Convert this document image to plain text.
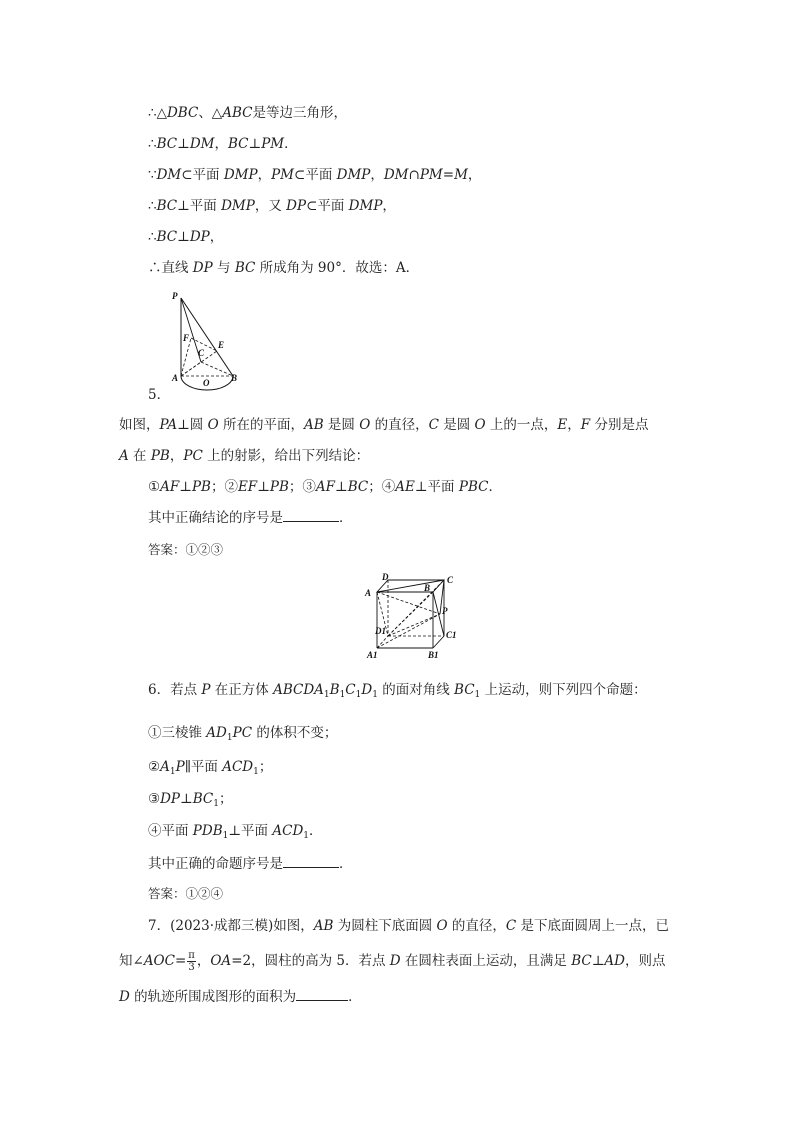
∴△DBC、△ABC是等边三角形，
∴BC⊥DM，BC⊥PM．
∵DM⊂平面 DMP，PM⊂平面 DMP，DM∩PM=M，
∴BC⊥平面 DMP，又 DP⊂平面 DMP，
∴BC⊥DP，
∴直线 DP 与 BC 所成角为 90°．故选：A．
P
F
C
E
A	O B
5．
如图，PA⊥圆 O 所在的平面，AB 是圆 O 的直径，C 是圆 O 上的一点，E，F 分别是点
A 在 PB，PC 上的射影，给出下列结论：
①AF⊥PB；②EF⊥PB；③AF⊥BC；④AE⊥平面 PBC．
其中正确结论的序号是	．
答案：①②③
D	C
A	B
P
D1	C1
A1	B1
6．若点 P 在正方体 $ABCDA_1B_1C_1D_1$ 的面对角线 $BC_1$ 上运动，则下列四个命题：
①三棱锥 $AD_1PC$ 的体积不变；
$②A_1P\parallel$平面 $ACD_1$；
$③DP\perp BC_1$；
④平面 $PDB_1\perp$平面 $ACD_1$．
其中正确的命题序号是	．
答案：①②④
7．(2023·成都三模)如图，AB 为圆柱下底面圆 O 的直径，C 是下底面圆周上一点，已
知∠AOC= $\frac{\pi}{3}$ ，OA=2，圆柱的高为 5．若点 D 在圆柱表面上运动，且满足 BC⊥AD，则点
D 的轨迹所围成图形的面积为	．
